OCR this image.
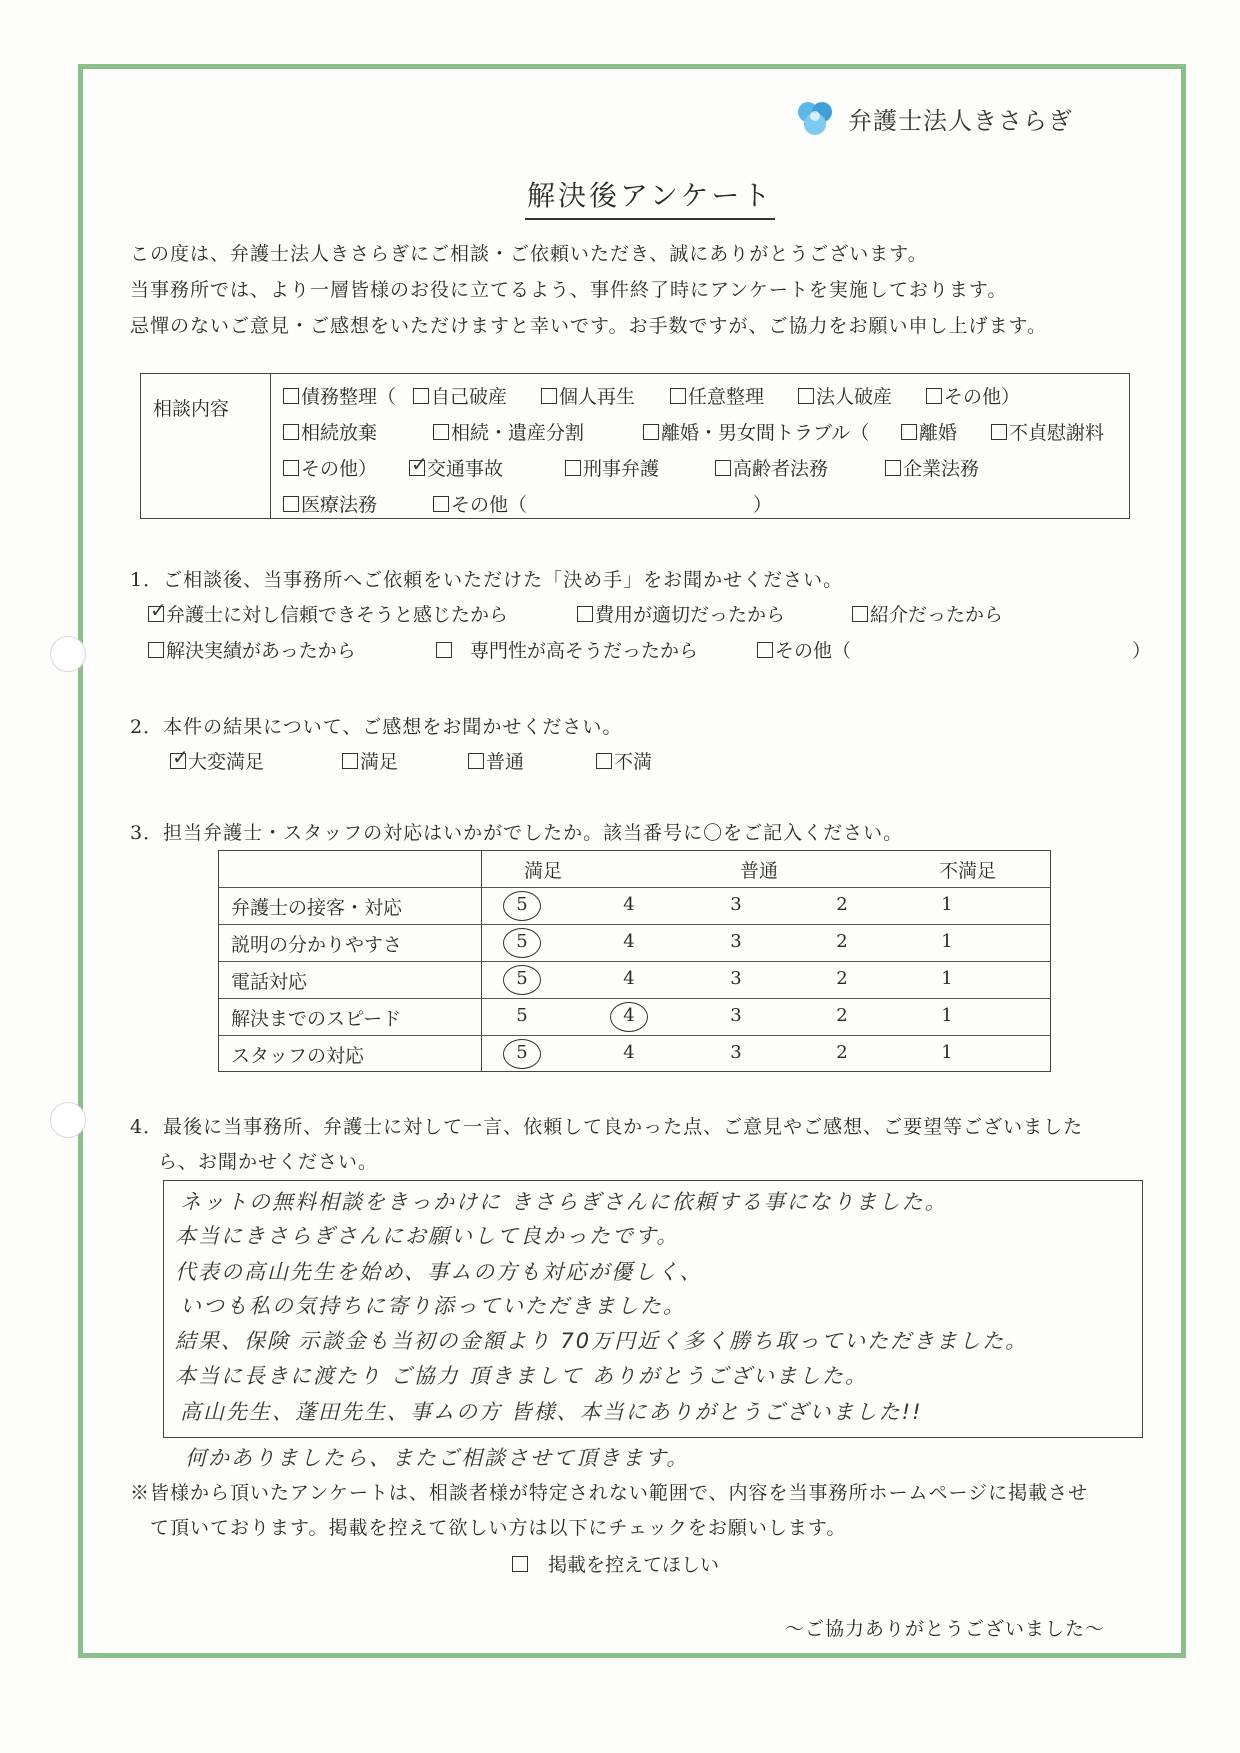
弁護士法人きさらぎ
解決後アンケート
この度は、弁護士法人きさらぎにご相談・ご依頼いただき、誠にありがとうございます。
当事務所では、より一層皆様のお役に立てるよう、事件終了時にアンケートを実施しております。
忌憚のないご意見・ご感想をいただけますと幸いです。お手数ですが、ご協力をお願い申し上げます。
相談内容
債務整理（	自己破産	個人再生	任意整理	法人破産	その他）
相続放棄	相続・遺産分割	離婚・男女間トラブル（	離婚	不貞慰謝料
その他）
✓	交通事故	刑事弁護	高齢者法務	企業法務
医療法務	その他（	）
1．ご相談後、当事務所へご依頼をいただけた「決め手」をお聞かせください。
✓弁護士に対し信頼できそうと感じたから	費用が適切だったから	紹介だったから
解決実績があったから	専門性が高そうだったから	その他（	）
2．本件の結果について、ご感想をお聞かせください。
✓大変満足	満足	普通	不満
3．担当弁護士・スタッフの対応はいかがでしたか。該当番号に〇をご記入ください。
満足	普通	不満足
弁護士の接客・対応	5	4	3	2	1
説明の分かりやすさ	5	4	3	2	1
電話対応	5	4	3	2	1
解決までのスピード	5	4	3	2	1
スタッフの対応	5	4	3	2	1
4．最後に当事務所、弁護士に対して一言、依頼して良かった点、ご意見やご感想、ご要望等ございました
ら、お聞かせください。
ネットの無料相談をきっかけに きさらぎさんに依頼する事になりました。
本当にきさらぎさんにお願いして良かったです。
代表の高山先生を始め、事ムの方も対応が優しく、
いつも私の気持ちに寄り添っていただきました。
結果、保険 示談金も当初の金額より 70万円近く多く勝ち取っていただきました。
本当に長きに渡たり ご協力 頂きまして ありがとうございました。
高山先生、蓬田先生、事ムの方 皆様、本当にありがとうございました!!
何かありましたら、またご相談させて頂きます。
※皆様から頂いたアンケートは、相談者様が特定されない範囲で、内容を当事務所ホームページに掲載させ
て頂いております。掲載を控えて欲しい方は以下にチェックをお願いします。
掲載を控えてほしい
～ご協力ありがとうございました～
